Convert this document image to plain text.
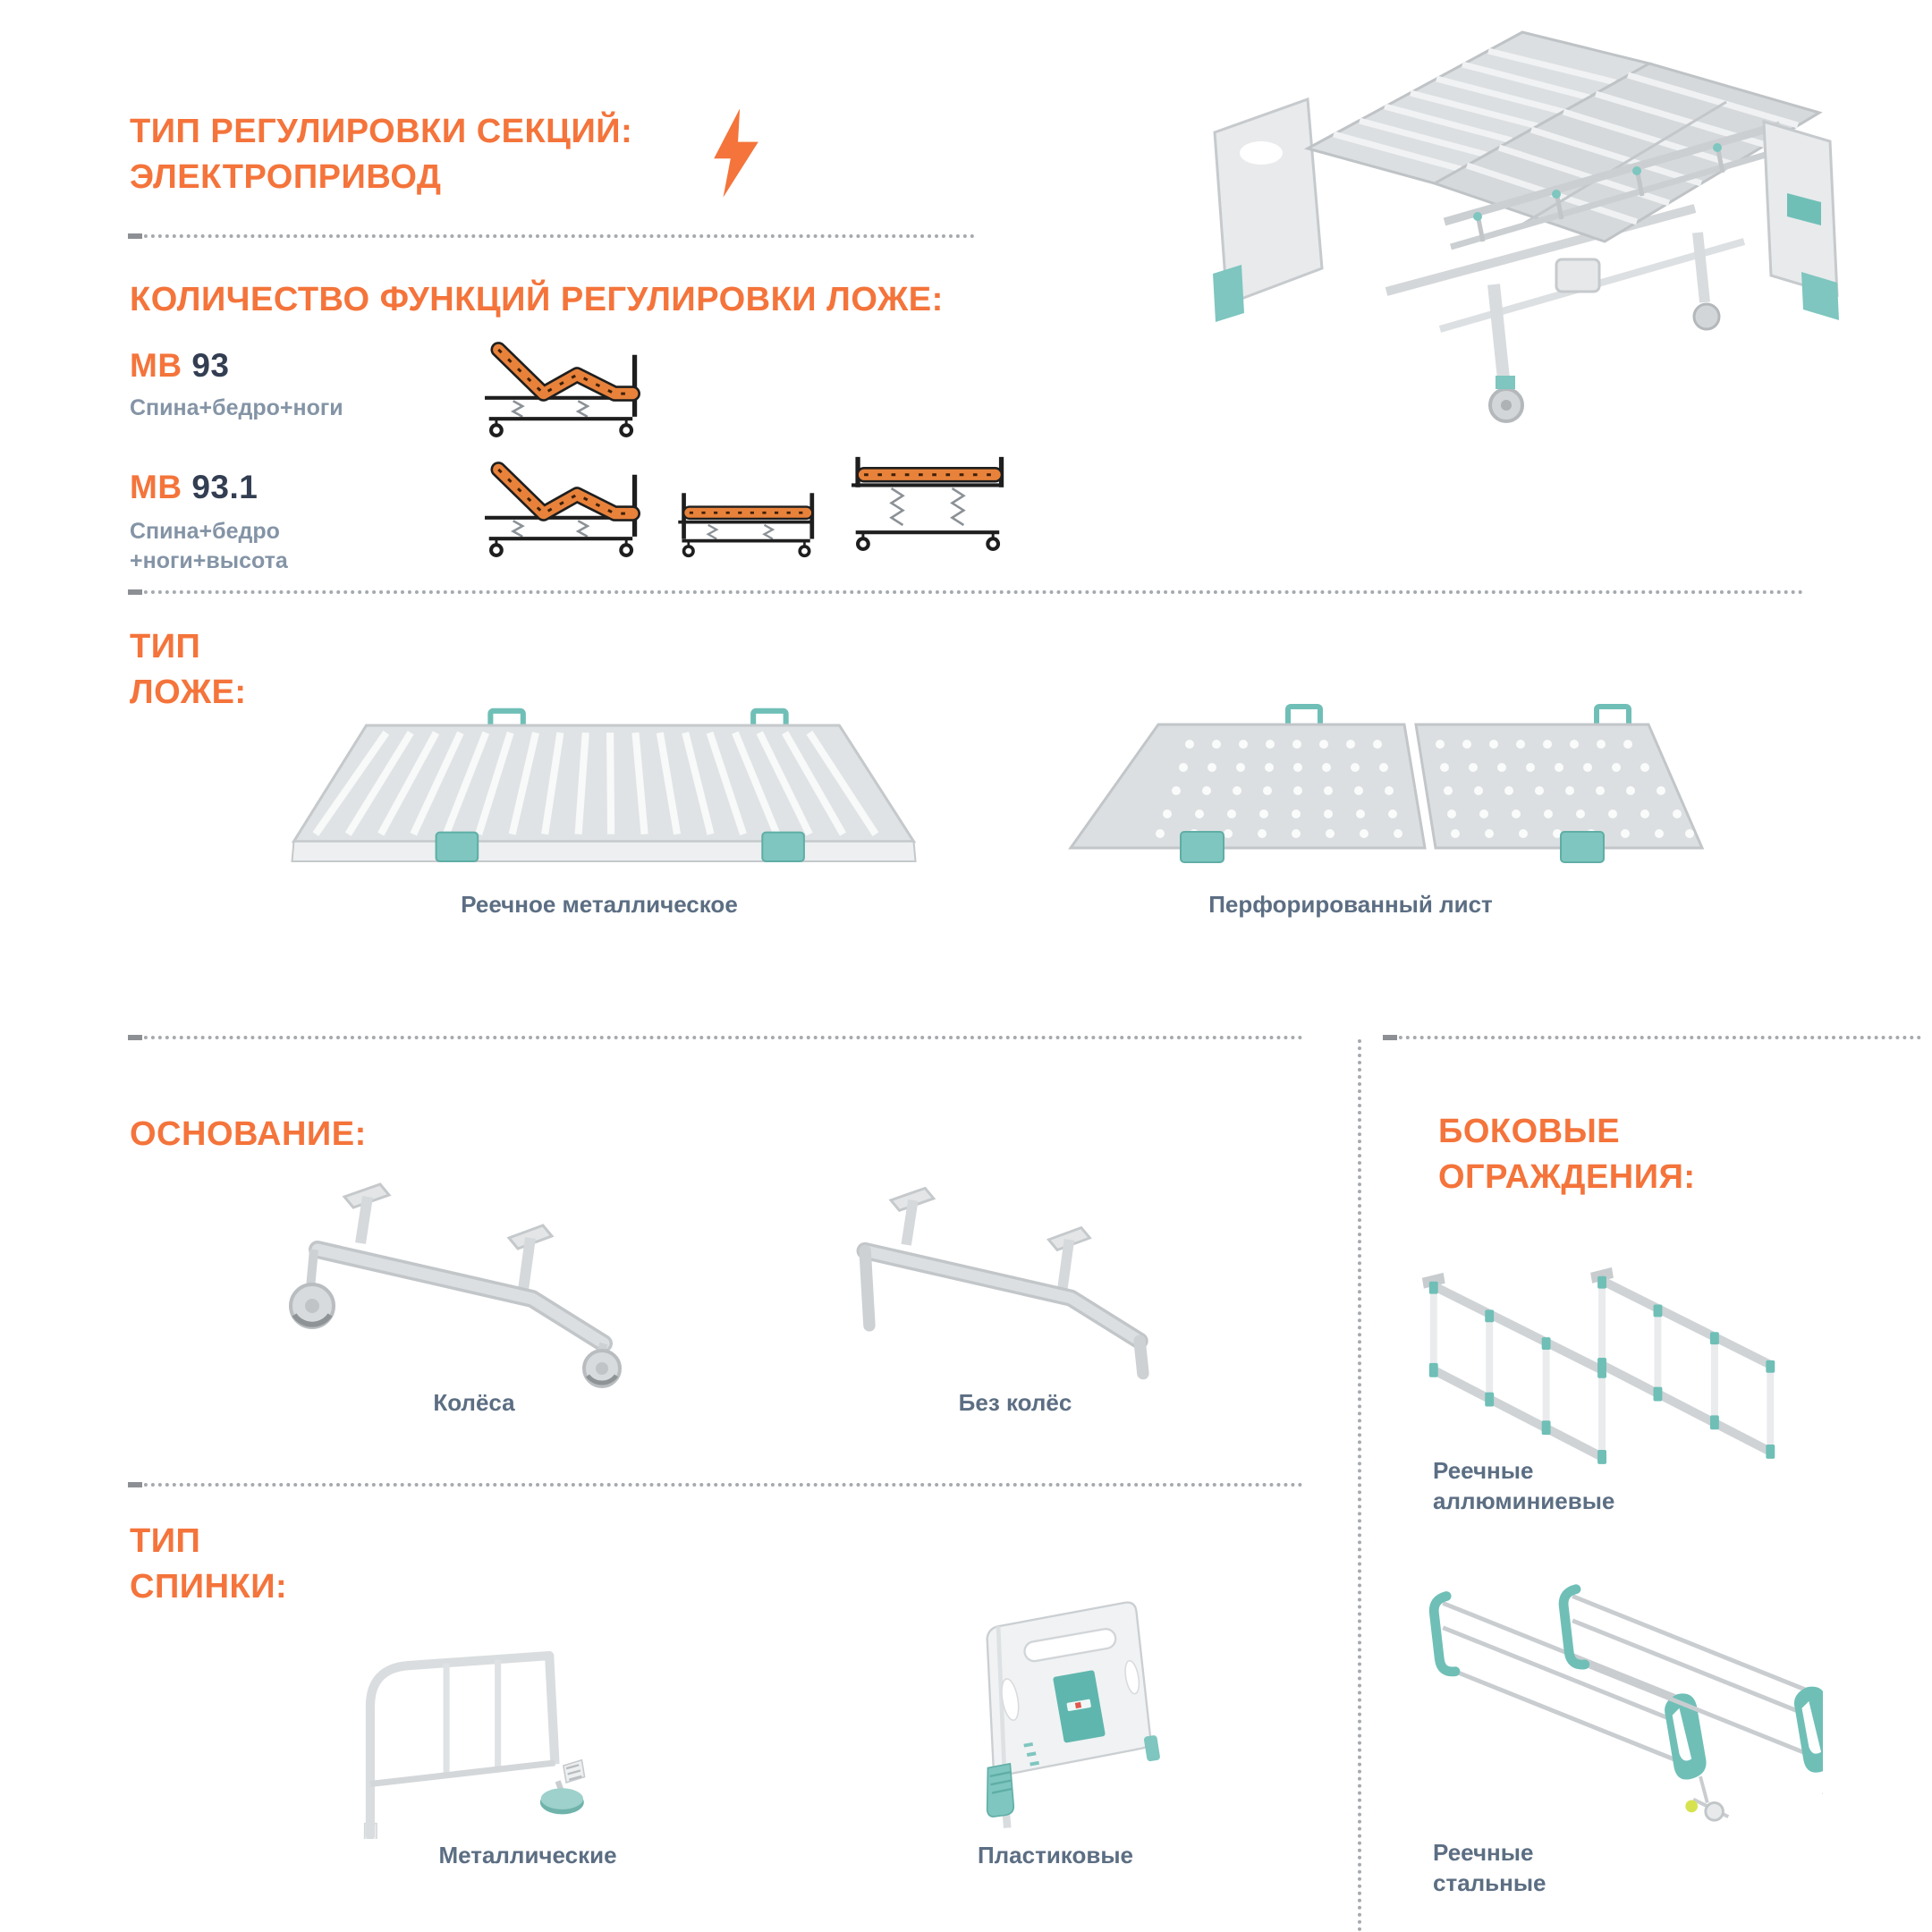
ТИП РЕГУЛИРОВКИ СЕКЦИЙ:
ЭЛЕКТРОПРИВОД
КОЛИЧЕСТВО ФУНКЦИЙ РЕГУЛИРОВКИ ЛОЖЕ:
МВ 93
Спина+бедро+ноги
МВ 93.1
Спина+бедро
+ноги+высота
ТИП
ЛОЖЕ:
Реечное металлическое	Перфорированный лист
ОСНОВАНИЕ:
Колёса	Без колёс
БОКОВЫЕ
ОГРАЖДЕНИЯ:
Реечные
аллюминиевые
ТИП
СПИНКИ:
Металлические	Пластиковые	Реечные
стальные
